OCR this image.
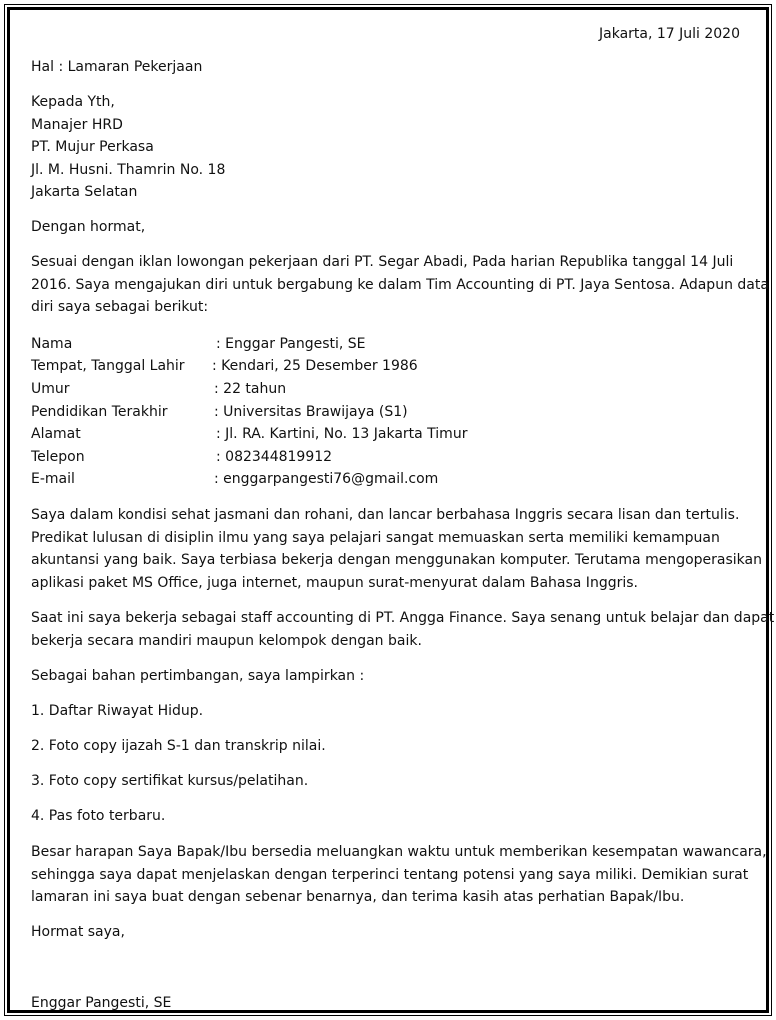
Jakarta, 17 Juli 2020

Hal : Lamaran Pekerjaan

Kepada Yth,

Manajer HRD

PT. Mujur Perkasa

Jl. M. Husni. Thamrin No. 18

Jakarta Selatan

Dengan hormat,

Sesuai dengan iklan lowongan pekerjaan dari PT. Segar Abadi, Pada harian Republika tanggal 14 Juli
2016. Saya mengajukan diri untuk bergabung ke dalam Tim Accounting di PT. Jaya Sentosa. Adapun data
diri saya sebagai berikut:
Nama	: Enggar Pangesti, SE
Tempat, Tanggal Lahir : Kendari, 25 Desember 1986
Umur	: 22 tahun
Pendidikan Terakhir	: Universitas Brawijaya (S1)
Alamat	: Jl. RA. Kartini, No. 13 Jakarta Timur
Telepon	: 082344819912
E-mail	: enggarpangesti76@gmail.com
Saya dalam kondisi sehat jasmani dan rohani, dan lancar berbahasa Inggris secara lisan dan tertulis.
Predikat lulusan di disiplin ilmu yang saya pelajari sangat memuaskan serta memiliki kemampuan
akuntansi yang baik. Saya terbiasa bekerja dengan menggunakan komputer. Terutama mengoperasikan
aplikasi paket MS Office, juga internet, maupun surat-menyurat dalam Bahasa Inggris.
Saat ini saya bekerja sebagai staff accounting di PT. Angga Finance. Saya senang untuk belajar dan dapat
bekerja secara mandiri maupun kelompok dengan baik.

Sebagai bahan pertimbangan, saya lampirkan :

1. Daftar Riwayat Hidup.

2. Foto copy ijazah S-1 dan transkrip nilai.

3. Foto copy sertifikat kursus/pelatihan.

4. Pas foto terbaru.

Besar harapan Saya Bapak/Ibu bersedia meluangkan waktu untuk memberikan kesempatan wawancara,
sehingga saya dapat menjelaskan dengan terperinci tentang potensi yang saya miliki. Demikian surat
lamaran ini saya buat dengan sebenar benarnya, dan terima kasih atas perhatian Bapak/Ibu.

Hormat saya,

Enggar Pangesti, SE
